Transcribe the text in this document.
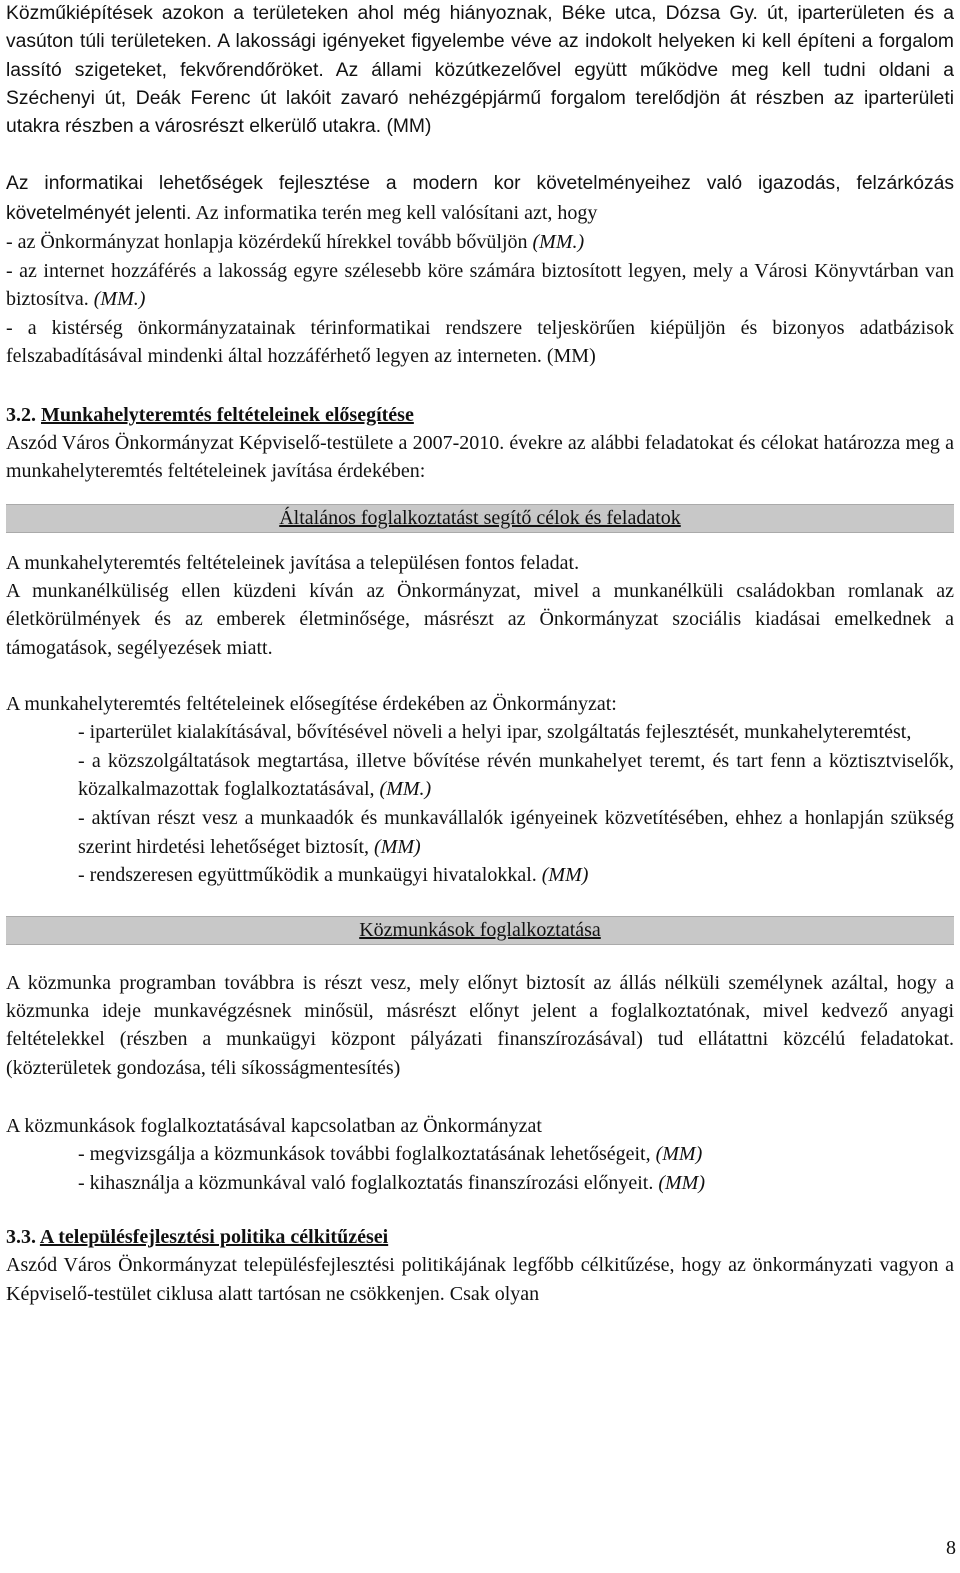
Közműkiépítések azokon a területeken ahol még hiányoznak, Béke utca, Dózsa Gy. út, iparterületen és a vasúton túli területeken. A lakossági igényeket figyelembe véve az indokolt helyeken ki kell építeni a forgalom lassító szigeteket, fekvőrendőröket. Az állami közútkezelővel együtt működve meg kell tudni oldani a Széchenyi út, Deák Ferenc út lakóit zavaró nehézgépjármű forgalom terelődjön át részben az iparterületi utakra részben a városrészt elkerülő utakra. (MM)

Az informatikai lehetőségek fejlesztése a modern kor követelményeihez való igazodás, felzárkózás követelményét jelenti. Az informatika terén meg kell valósítani azt, hogy

- az Önkormányzat honlapja közérdekű hírekkel tovább bővüljön (MM.)

- az internet hozzáférés a lakosság egyre szélesebb köre számára biztosított legyen, mely a Városi Könyvtárban van biztosítva. (MM.)

- a kistérség önkormányzatainak térinformatikai rendszere teljeskörűen kiépüljön és bizonyos adatbázisok felszabadításával mindenki által hozzáférhető legyen az interneten. (MM)

3.2. Munkahelyteremtés feltételeinek elősegítése

Aszód Város Önkormányzat Képviselő-testülete a 2007-2010. évekre az alábbi feladatokat és célokat határozza meg a munkahelyteremtés feltételeinek javítása érdekében:

Általános foglalkoztatást segítő célok és feladatok

A munkahelyteremtés feltételeinek javítása a településen fontos feladat.

A munkanélküliség ellen küzdeni kíván az Önkormányzat, mivel a munkanélküli családokban romlanak az életkörülmények és az emberek életminősége, másrészt az Önkormányzat szociális kiadásai emelkednek a támogatások, segélyezések miatt.

A munkahelyteremtés feltételeinek elősegítése érdekében az Önkormányzat:

- iparterület kialakításával, bővítésével növeli a helyi ipar, szolgáltatás fejlesztését, munkahelyteremtést,

- a közszolgáltatások megtartása, illetve bővítése révén munkahelyet teremt, és tart fenn a köztisztviselők, közalkalmazottak foglalkoztatásával, (MM.)

- aktívan részt vesz a munkaadók és munkavállalók igényeinek közvetítésében, ehhez a honlapján szükség szerint hirdetési lehetőséget biztosít, (MM)

- rendszeresen együttműködik a munkaügyi hivatalokkal. (MM)

Közmunkások foglalkoztatása

A közmunka programban továbbra is részt vesz, mely előnyt biztosít az állás nélküli személynek azáltal, hogy a közmunka ideje munkavégzésnek minősül, másrészt előnyt jelent a foglalkoztatónak, mivel kedvező anyagi feltételekkel (részben a munkaügyi központ pályázati finanszírozásával) tud ellátattni közcélú feladatokat. (közterületek gondozása, téli síkosságmentesítés)

A közmunkások foglalkoztatásával kapcsolatban az Önkormányzat

- megvizsgálja a közmunkások további foglalkoztatásának lehetőségeit, (MM)

- kihasználja a közmunkával való foglalkoztatás finanszírozási előnyeit. (MM)

3.3. A településfejlesztési politika célkitűzései

Aszód Város Önkormányzat településfejlesztési politikájának legfőbb célkitűzése, hogy az önkormányzati vagyon a Képviselő-testület ciklusa alatt tartósan ne csökkenjen. Csak olyan

8
